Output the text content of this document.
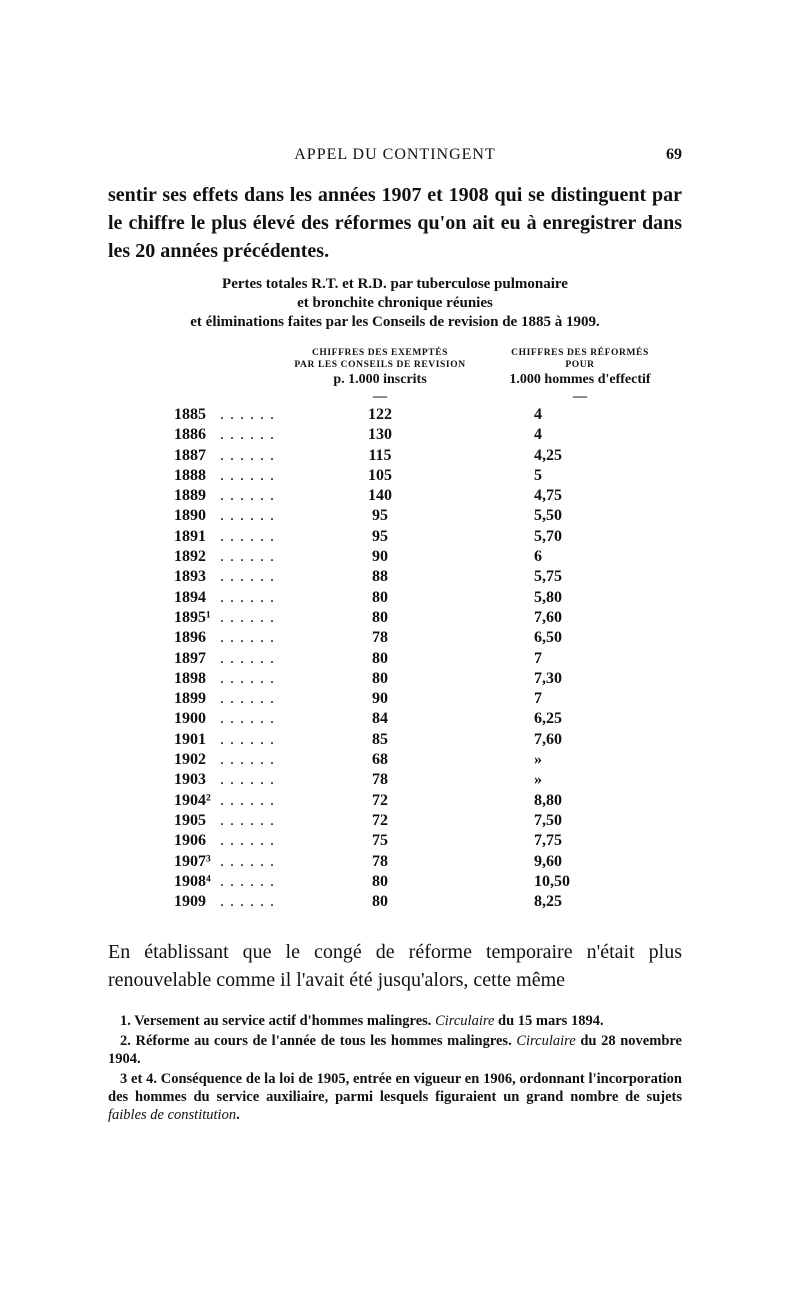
APPEL DU CONTINGENT	69
sentir ses effets dans les années 1907 et 1908 qui se distinguent par le chiffre le plus élevé des réformes qu'on ait eu à enregistrer dans les 20 années précédentes.
Pertes totales R.T. et R.D. par tuberculose pulmonaire
et bronchite chronique réunies
et éliminations faites par les Conseils de revision de 1885 à 1909.
CHIFFRES DES EXEMPTÉS
PAR LES CONSEILS DE REVISION
p. 1.000 inscrits
—
CHIFFRES DES RÉFORMÉS
POUR
1.000 hommes d'effectif
—
1885 ......	122	4
1886 ......	130	4
1887 ......	115	4,25
1888 ......	105	5
1889 ......	140	4,75
1890 ......	95	5,50
1891 ......	95	5,70
1892 ......	90	6
1893 ......	88	5,75
1894 ......	80	5,80
1895¹ ......	80	7,60
1896 ......	78	6,50
1897 ......	80	7
1898 ......	80	7,30
1899 ......	90	7
1900 ......	84	6,25
1901 ......	85	7,60
1902 ......	68	»
1903 ......	78	»
1904² ......	72	8,80
1905 ......	72	7,50
1906 ......	75	7,75
1907³ ......	78	9,60
1908⁴ ......	80	10,50
1909 ......	80	8,25
En établissant que le congé de réforme temporaire n'était plus renouvelable comme il l'avait été jusqu'alors, cette même

1. Versement au service actif d'hommes malingres. Circulaire du 15 mars 1894.

2. Réforme au cours de l'année de tous les hommes malingres. Circulaire du 28 novembre 1904.

3 et 4. Conséquence de la loi de 1905, entrée en vigueur en 1906, ordonnant l'incorporation des hommes du service auxiliaire, parmi lesquels figuraient un grand nombre de sujets faibles de constitution.
